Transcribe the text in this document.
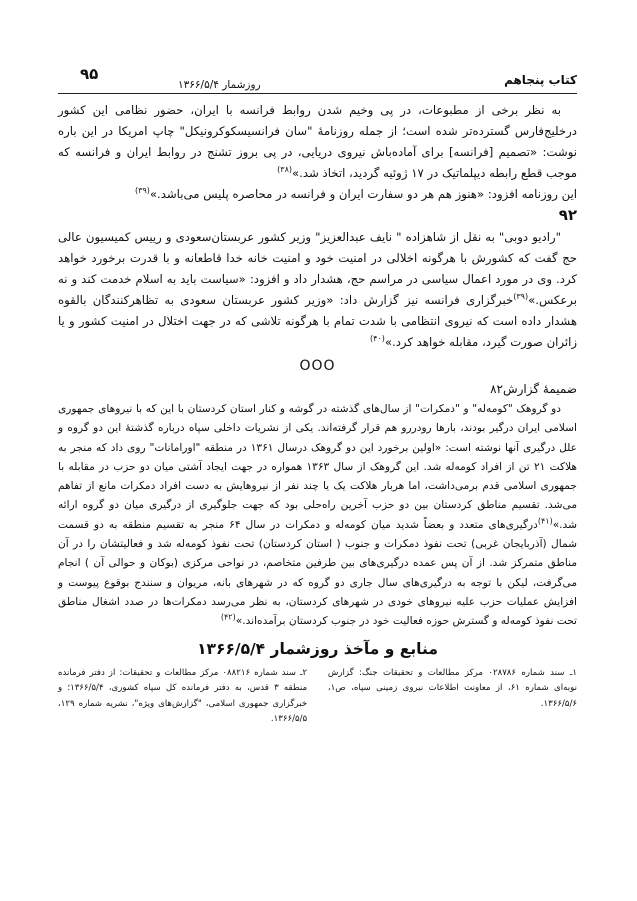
کتاب پنجاهم
روزشمار ۱۳۶۶/۵/۴
۹۵

به نظر برخی از مطبوعات، در پی وخیم شدن روابط فرانسه با ایران، حضور نظامی این کشور درخلیج‌فارس گسترده‌تر شده است؛ از جمله روزنامهٔ "سان فرانسیسکوکرونیکل" چاپ امریکا در این باره نوشت: «تصمیم [فرانسه] برای آماده‌باش نیروی دریایی، در پی بروز تشنج در روابط ایران و فرانسه که موجب قطع رابطه دیپلماتیک در ۱۷ ژوئیه گردید، اتخاذ شد.»$^{(۳۸)}$

این روزنامه افزود: «هنوز هم هر دو سفارت ایران و فرانسه در محاصره پلیس می‌باشد.»$^{(۳۹)}$

۹۲

"رادیو دوبی" به نقل از شاهزاده " نایف عبدالعزیز" وزیر کشور عربستان‌سعودی و رییس کمیسیون عالی حج گفت که کشورش با هرگونه اخلالی در امنیت خود و امنیت خانه خدا قاطعانه و با قدرت برخورد خواهد کرد. وی در مورد اعمال سیاسی در مراسم حج، هشدار داد و افزود: «سیاست باید به اسلام خدمت کند و نه برعکس.»$^{(۳۹)}$خبرگزاری فرانسه نیز گزارش داد: «وزیر کشور عربستان سعودی به تظاهرکنندگان بالقوه هشدار داده است که نیروی انتظامی با شدت تمام با هرگونه تلاشی که در جهت اختلال در امنیت کشور و یا زائران صورت گیرد، مقابله خواهد کرد.»$^{(۴۰)}$

OOO
ضمیمهٔ گزارش۸۲

دو گروهک "کومه‌له" و "دمکرات" از سال‌های گذشته در گوشه و کنار استان کردستان با این که با نیروهای جمهوری اسلامی ایران درگیر بودند، بارها رودررو هم قرار گرفته‌اند. یکی از نشریات داخلی سپاه درباره گذشتهٔ این دو گروه و علل درگیری آنها نوشته است: «اولین برخورد این دو گروهک درسال ۱۳۶۱ در منطقه "اورامانات" روی داد که منجر به هلاکت ۲۱ تن از افراد کومه‌له شد. این گروهک از سال ۱۳۶۳ همواره در جهت ایجاد آشتی میان دو حزب در مقابله با جمهوری اسلامی قدم برمی‌داشت، اما هربار هلاکت یک یا چند نفر از نیروهایش به دست افراد دمکرات مانع از تفاهم می‌شد. تقسیم مناطق کردستان بین دو حزب آخرین راه‌حلی بود که جهت جلوگیری از درگیری میان دو گروه ارائه شد.»$^{(۴۱)}$درگیری‌های متعدد و بعضاً شدید میان کومه‌له و دمکرات در سال ۶۴ منجر به تقسیم منطقه به دو قسمت شمال (آذربایجان غربی) تحت نفوذ دمکرات و جنوب ( استان کردستان) تحت نفوذ کومه‌له شد و فعالیتشان را در آن مناطق متمرکز شد. از آن پس عمده درگیری‌های بین طرفین متخاصم، در نواحی مرکزی (بوکان و حوالی آن ) انجام می‌گرفت، لیکن با توجه به درگیری‌های سال جاری دو گروه که در شهرهای بانه، مریوان و سنندج بوقوع پیوست و افزایش عملیات حزب علیه نیروهای خودی در شهرهای کردستان، به نظر می‌رسد دمکرات‌ها در صدد اشغال مناطق تحت نفوذ کومه‌له و گسترش حوزه فعالیت خود در جنوب کردستان برآمده‌اند.»$^{(۴۲)}$

منابع و مآخذ روزشمار ۱۳۶۶/۵/۴
۱ـ سند شماره ۰۲۸۷۸۶ مرکز مطالعات و تحقیقات جنگ: گزارش نوبه‌ای شماره ۶۱، از معاونت اطلاعات نیروی زمینی سپاه، ص۱، ۱۳۶۶/۵/۶.
۲ـ سند شماره ۰۸۸۲۱۶ مرکز مطالعات و تحقیقات: از دفتر فرمانده منطقه ۳ قدس، به دفتر فرمانده کل سپاه کشوری، ۱۳۶۶/۵/۴؛ و خبرگزاری جمهوری اسلامی، "گزارش‌های ویژه"، نشریه شماره ۱۲۹، ۱۳۶۶/۵/۵.
